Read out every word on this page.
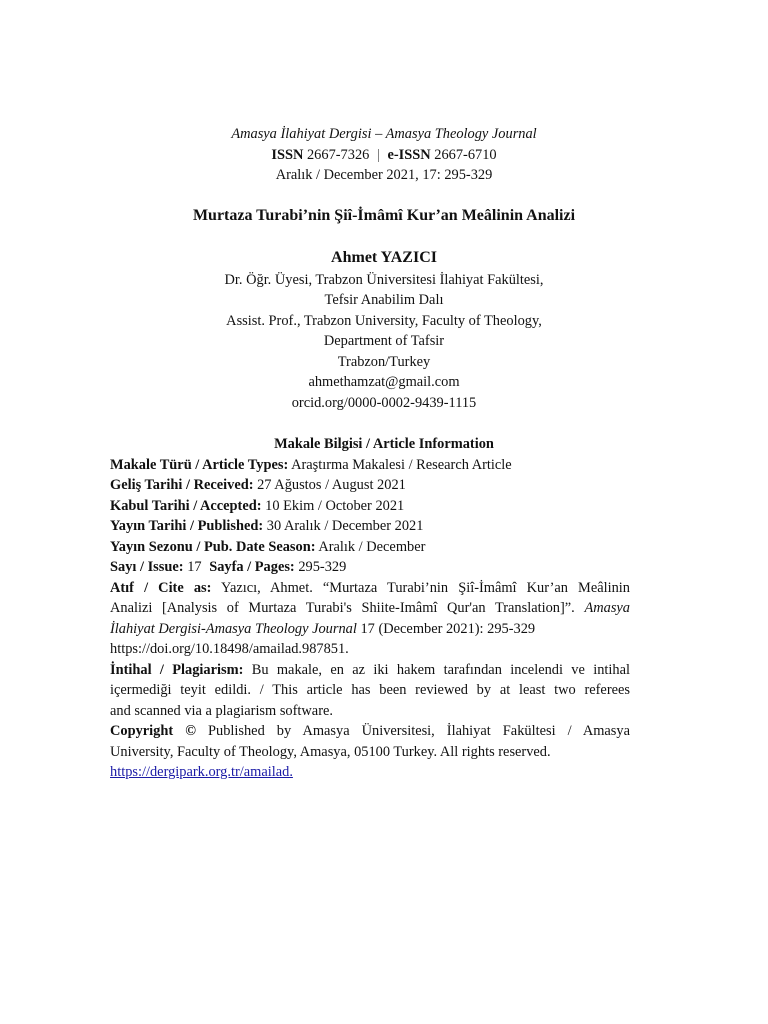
Amasya İlahiyat Dergisi – Amasya Theology Journal
ISSN 2667-7326 | e-ISSN 2667-6710
Aralık / December 2021, 17: 295-329
Murtaza Turabi’nin Şiî-İmâmî Kur’an Meâlinin Analizi
Ahmet YAZICI
Dr. Öğr. Üyesi, Trabzon Üniversitesi İlahiyat Fakültesi,
Tefsir Anabilim Dalı
Assist. Prof., Trabzon University, Faculty of Theology,
Department of Tafsir
Trabzon/Turkey
ahmethamzat@gmail.com
orcid.org/0000-0002-9439-1115
Makale Bilgisi / Article Information
Makale Türü / Article Types: Araştırma Makalesi / Research Article
Geliş Tarihi / Received: 27 Ağustos / August 2021
Kabul Tarihi / Accepted: 10 Ekim / October 2021
Yayın Tarihi / Published: 30 Aralık / December 2021
Yayın Sezonu / Pub. Date Season: Aralık / December
Sayı / Issue: 17 Sayfa / Pages: 295-329
Atıf / Cite as: Yazıcı, Ahmet. “Murtaza Turabi’nin Şiî-İmâmî Kur’an Meâlinin
Analizi [Analysis of Murtaza Turabi's Shiite-Imâmî Qur'an Translation]”. Amasya
İlahiyat Dergisi-Amasya Theology Journal 17 (December 2021): 295-329
https://doi.org/10.18498/amailad.987851.
İntihal / Plagiarism: Bu makale, en az iki hakem tarafından incelendi ve intihal
içermediği teyit edildi. / This article has been reviewed by at least two referees
and scanned via a plagiarism software.
Copyright © Published by Amasya Üniversitesi, İlahiyat Fakültesi / Amasya
University, Faculty of Theology, Amasya, 05100 Turkey. All rights reserved.
https://dergipark.org.tr/amailad.
